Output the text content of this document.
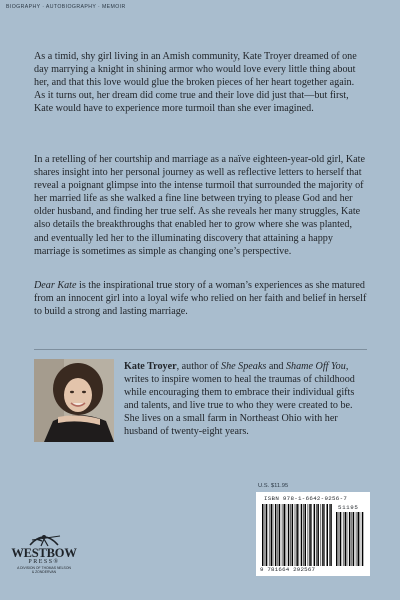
BIOGRAPHY · AUTOBIOGRAPHY · MEMOIR

As a timid, shy girl living in an Amish community, Kate Troyer dreamed of one day marrying a knight in shining armor who would love every little thing about her, and that this love would glue the broken pieces of her heart together again. As it turns out, her dream did come true and their love did just that—but first, Kate would have to experience more turmoil than she ever imagined.

In a retelling of her courtship and marriage as a naïve eighteen-year-old girl, Kate shares insight into her personal journey as well as reflective letters to herself that reveal a poignant glimpse into the intense turmoil that surrounded the majority of her married life as she walked a fine line between trying to please God and her older husband, and finding her true self. As she reveals her many struggles, Kate also details the breakthroughs that enabled her to grow where she was planted, and eventually led her to the illuminating discovery that attaining a happy marriage is sometimes as simple as changing one’s perspective.

Dear Kate is the inspirational true story of a woman’s experiences as she matured from an innocent girl into a loyal wife who relied on her faith and belief in herself to build a strong and lasting marriage.

Kate Troyer, author of She Speaks and Shame Off You, writes to inspire women to heal the traumas of childhood while encouraging them to embrace their individual gifts and talents, and live true to who they were created to be. She lives on a small farm in Northeast Ohio with her husband of twenty-eight years.

U.S. $11.95
ISBN 978-1-6642-9256-7
51195
9 781664 292567
WESTBOW
PRESS®
A DIVISION OF THOMAS NELSON
& ZONDERVAN
